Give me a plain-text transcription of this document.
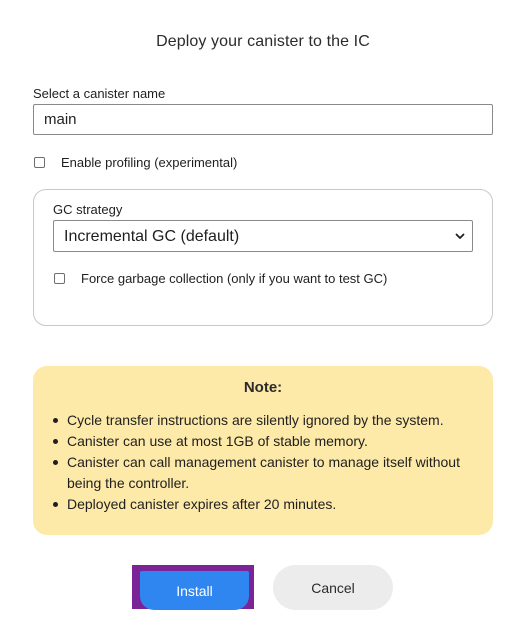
Deploy your canister to the IC
Select a canister name
main
Enable profiling (experimental)
GC strategy
Incremental GC (default)
Force garbage collection (only if you want to test GC)
Note:
Cycle transfer instructions are silently ignored by the system.
Canister can use at most 1GB of stable memory.
Canister can call management canister to manage itself without being the controller.
Deployed canister expires after 20 minutes.
Install	Cancel
